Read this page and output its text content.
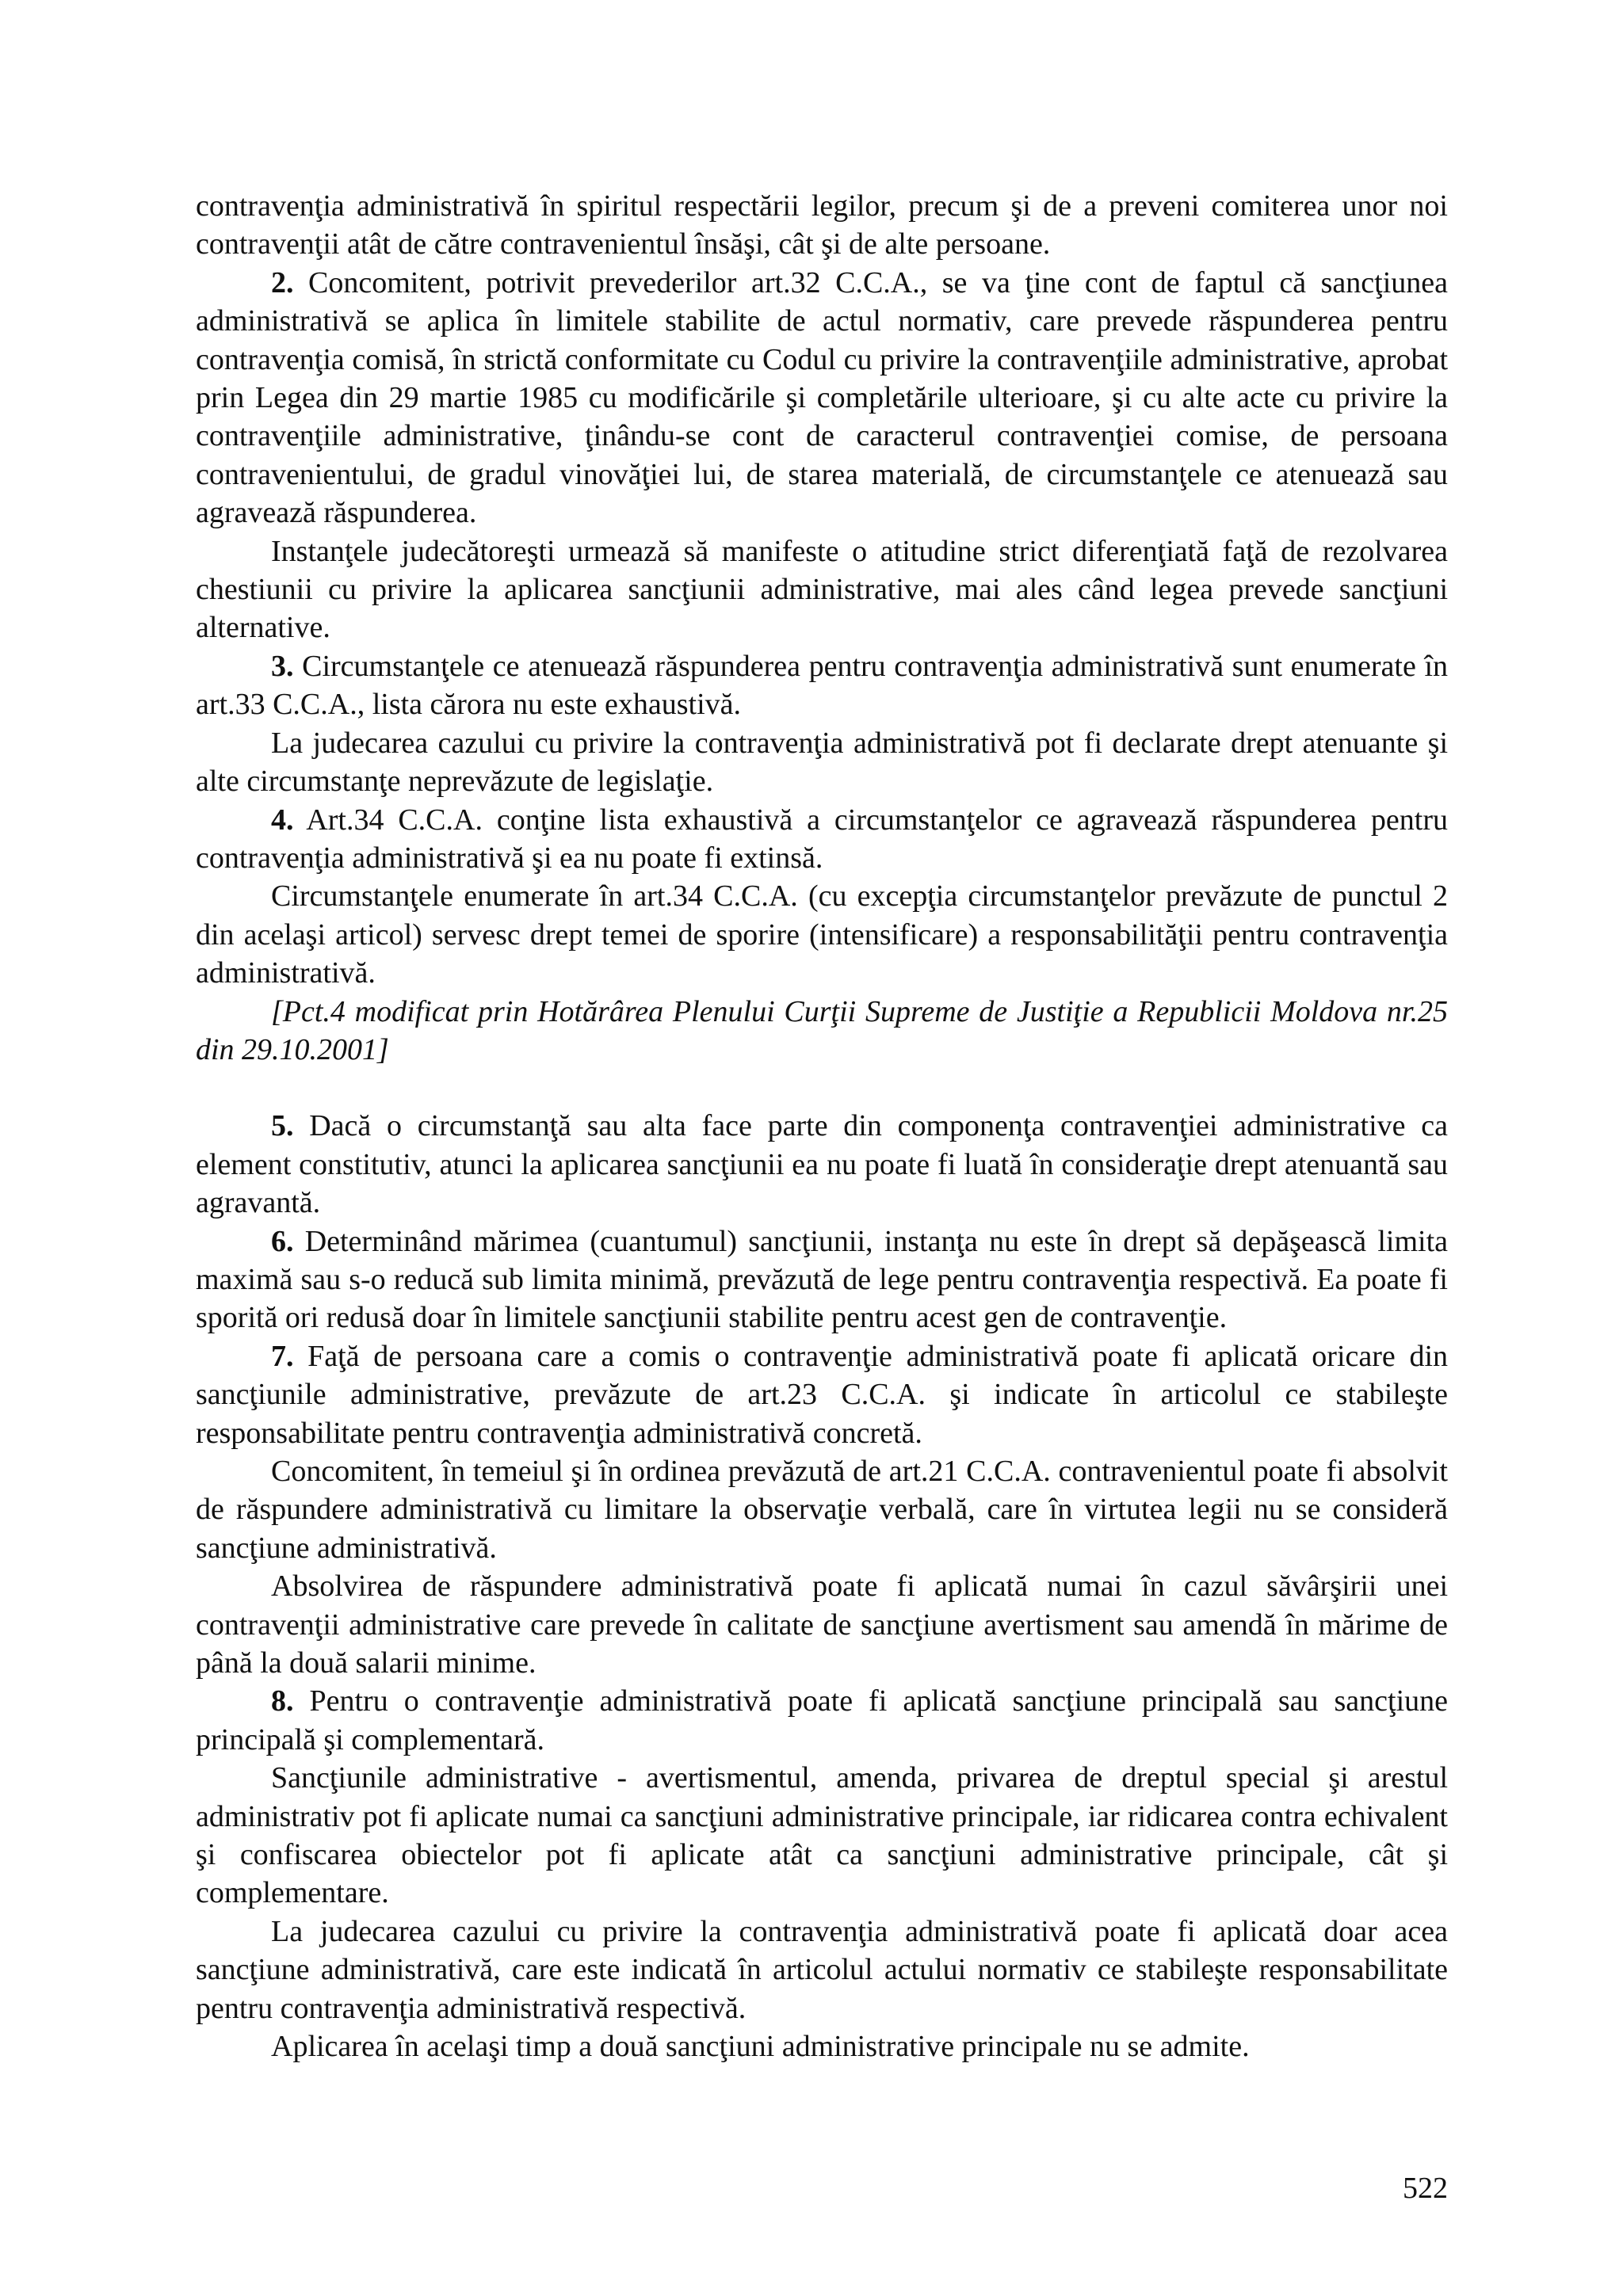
contravenţia administrativă în spiritul respectării legilor, precum şi de a preveni comiterea unor noi contravenţii atât de către contravenientul însăşi, cât şi de alte persoane.

2. Concomitent, potrivit prevederilor art.32 C.C.A., se va ţine cont de faptul că sancţiunea administrativă se aplica în limitele stabilite de actul normativ, care prevede răspunderea pentru contravenţia comisă, în strictă conformitate cu Codul cu privire la contravenţiile administrative, aprobat prin Legea din 29 martie 1985 cu modificările şi completările ulterioare, şi cu alte acte cu privire la contravenţiile administrative, ţinându-se cont de caracterul contravenţiei comise, de persoana contravenientului, de gradul vinovăţiei lui, de starea materială, de circumstanţele ce atenuează sau agravează răspunderea.

Instanţele judecătoreşti urmează să manifeste o atitudine strict diferenţiată faţă de rezolvarea chestiunii cu privire la aplicarea sancţiunii administrative, mai ales când legea prevede sancţiuni alternative.

3. Circumstanţele ce atenuează răspunderea pentru contravenţia administrativă sunt enumerate în art.33 C.C.A., lista cărora nu este exhaustivă.

La judecarea cazului cu privire la contravenţia administrativă pot fi declarate drept atenuante şi alte circumstanţe neprevăzute de legislaţie.

4. Art.34 C.C.A. conţine lista exhaustivă a circumstanţelor ce agravează răspunderea pentru contravenţia administrativă şi ea nu poate fi extinsă.

Circumstanţele enumerate în art.34 C.C.A. (cu excepţia circumstanţelor prevăzute de punctul 2 din acelaşi articol) servesc drept temei de sporire (intensificare) a responsabilităţii pentru contravenţia administrativă.

[Pct.4 modificat prin Hotărârea Plenului Curţii Supreme de Justiţie a Republicii Moldova nr.25 din 29.10.2001]

5. Dacă o circumstanţă sau alta face parte din componenţa contravenţiei administrative ca element constitutiv, atunci la aplicarea sancţiunii ea nu poate fi luată în consideraţie drept atenuantă sau agravantă.

6. Determinând mărimea (cuantumul) sancţiunii, instanţa nu este în drept să depăşească limita maximă sau s-o reducă sub limita minimă, prevăzută de lege pentru contravenţia respectivă. Ea poate fi sporită ori redusă doar în limitele sancţiunii stabilite pentru acest gen de contravenţie.

7. Faţă de persoana care a comis o contravenţie administrativă poate fi aplicată oricare din sancţiunile administrative, prevăzute de art.23 C.C.A. şi indicate în articolul ce stabileşte responsabilitate pentru contravenţia administrativă concretă.

Concomitent, în temeiul şi în ordinea prevăzută de art.21 C.C.A. contravenientul poate fi absolvit de răspundere administrativă cu limitare la observaţie verbală, care în virtutea legii nu se consideră sancţiune administrativă.

Absolvirea de răspundere administrativă poate fi aplicată numai în cazul săvârşirii unei contravenţii administrative care prevede în calitate de sancţiune avertisment sau amendă în mărime de până la două salarii minime.

8. Pentru o contravenţie administrativă poate fi aplicată sancţiune principală sau sancţiune principală şi complementară.

Sancţiunile administrative - avertismentul, amenda, privarea de dreptul special şi arestul administrativ pot fi aplicate numai ca sancţiuni administrative principale, iar ridicarea contra echivalent şi confiscarea obiectelor pot fi aplicate atât ca sancţiuni administrative principale, cât şi complementare.

La judecarea cazului cu privire la contravenţia administrativă poate fi aplicată doar acea sancţiune administrativă, care este indicată în articolul actului normativ ce stabileşte responsabilitate pentru contravenţia administrativă respectivă.

Aplicarea în acelaşi timp a două sancţiuni administrative principale nu se admite.

522
